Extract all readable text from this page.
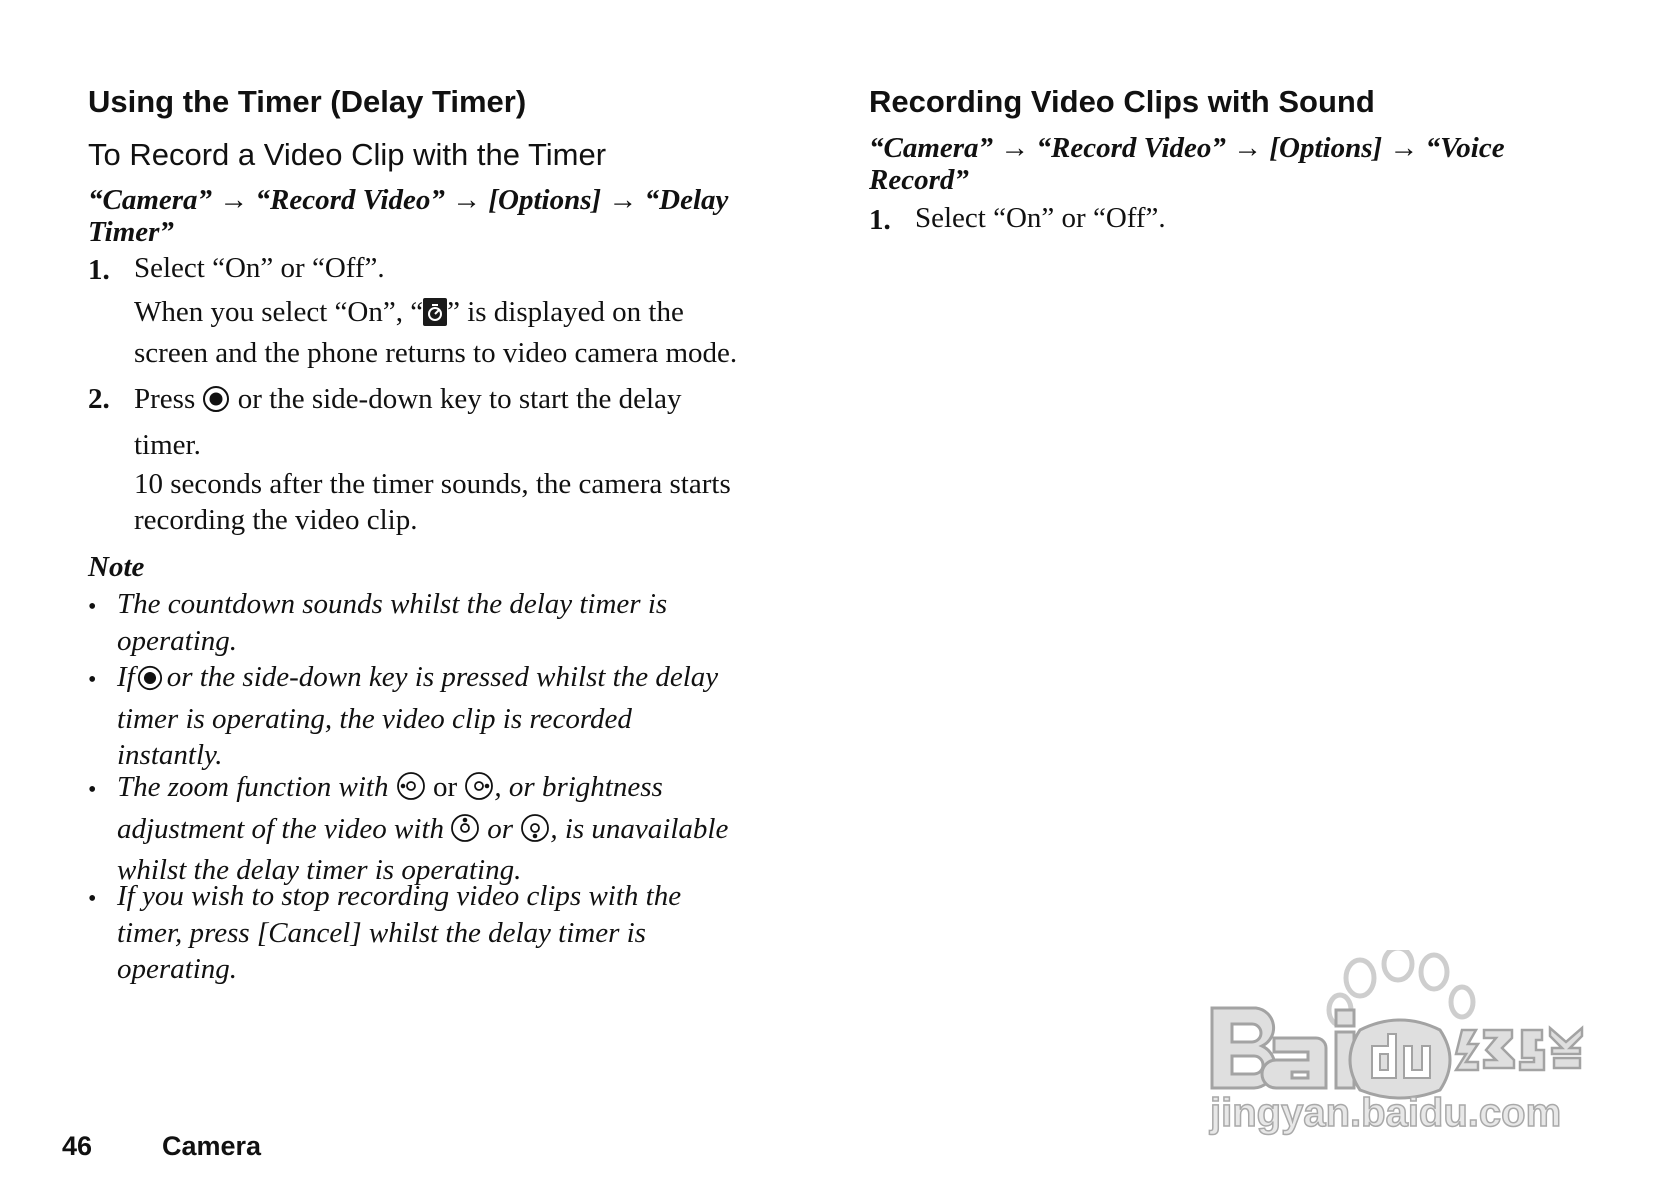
Using the Timer (Delay Timer)
To Record a Video Clip with the Timer
“Camera” → “Record Video” → [Options] → “Delay
Timer”
1. Select “On” or “Off”.
When you select “On”, “ ” is displayed on the
screen and the phone returns to video camera mode.
2. Press or the side-down key to start the delay
timer.
10 seconds after the timer sounds, the camera starts
recording the video clip.
Note
• The countdown sounds whilst the delay timer is
operating.
• If or the side-down key is pressed whilst the delay
timer is operating, the video clip is recorded
instantly.
• The zoom function with or , or brightness
adjustment of the video with or , is unavailable
whilst the delay timer is operating.
• If you wish to stop recording video clips with the
timer, press [Cancel] whilst the delay timer is
operating.
Recording Video Clips with Sound
“Camera” → “Record Video” → [Options] → “Voice
Record”
1. Select “On” or “Off”.
46	Camera
jingyan.baidu.com
